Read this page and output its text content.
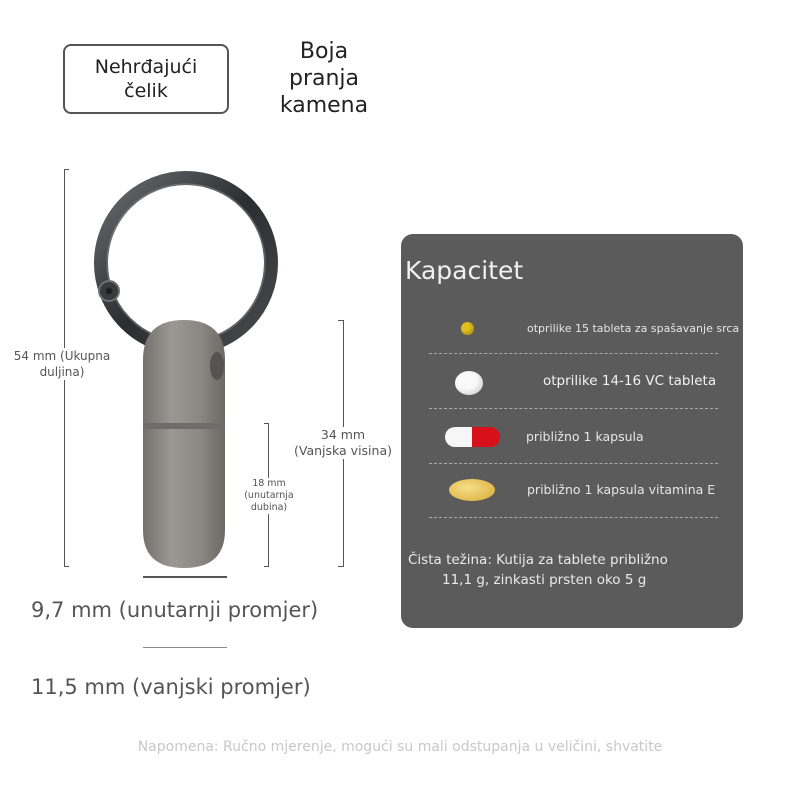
Nehrđajući
čelik
Boja
pranja
kamena
54 mm (Ukupna
duljina)
34 mm
(Vanjska visina)
18 mm
(unutarnja
dubina)
9,7 mm (unutarnji promjer)
11,5 mm (vanjski promjer)
Kapacitet
otprilike 15 tableta za spašavanje srca
otprilike 14-16 VC tableta
približno 1 kapsula
približno 1 kapsula vitamina E
Čista težina: Kutija za tablete približno
11,1 g, zinkasti prsten oko 5 g
Napomena: Ručno mjerenje, mogući su mali odstupanja u veličini, shvatite
